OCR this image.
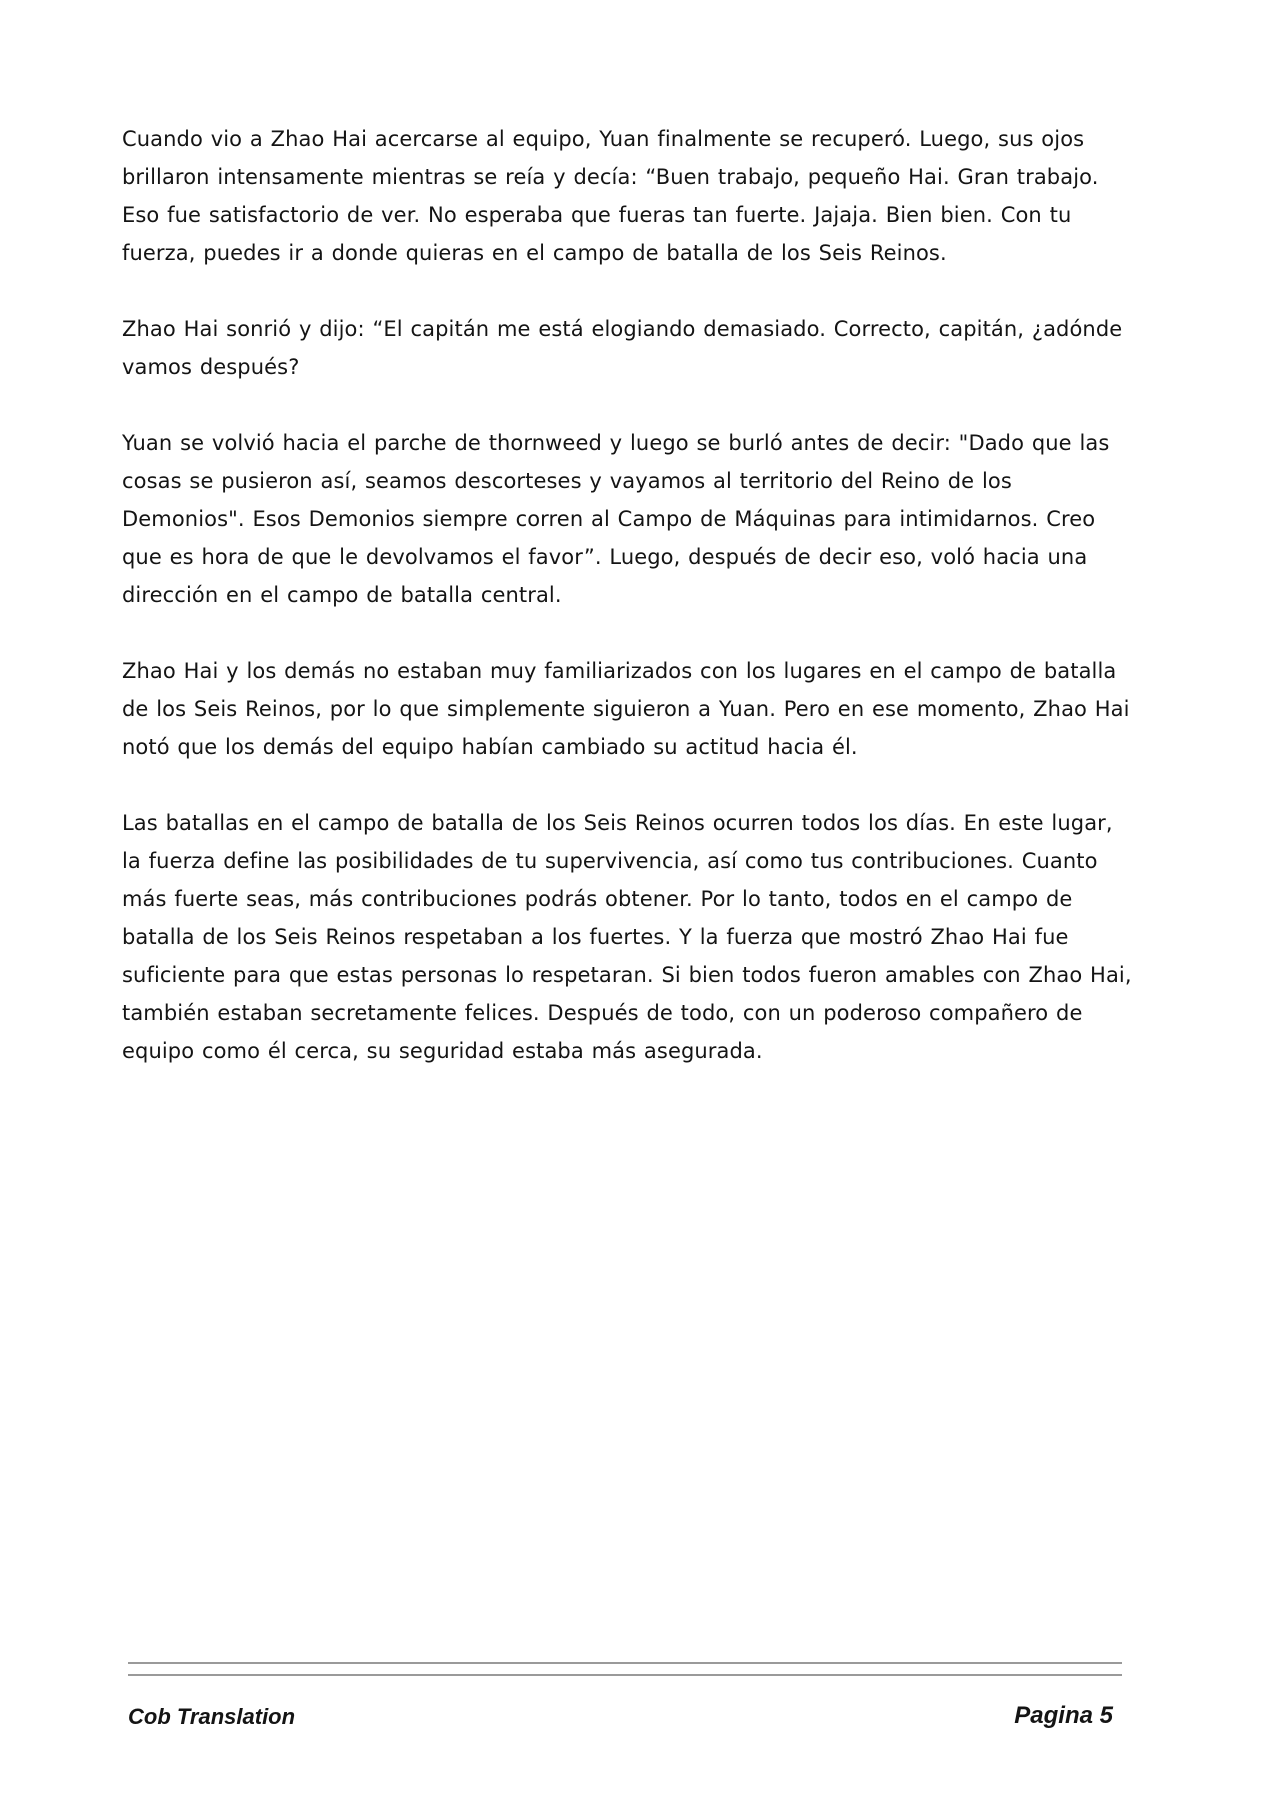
Cuando vio a Zhao Hai acercarse al equipo, Yuan finalmente se recuperó. Luego, sus ojos brillaron intensamente mientras se reía y decía: “Buen trabajo, pequeño Hai. Gran trabajo. Eso fue satisfactorio de ver. No esperaba que fueras tan fuerte. Jajaja. Bien bien. Con tu fuerza, puedes ir a donde quieras en el campo de batalla de los Seis Reinos.

Zhao Hai sonrió y dijo: “El capitán me está elogiando demasiado. Correcto, capitán, ¿adónde vamos después?

Yuan se volvió hacia el parche de thornweed y luego se burló antes de decir: "Dado que las cosas se pusieron así, seamos descorteses y vayamos al territorio del Reino de los Demonios". Esos Demonios siempre corren al Campo de Máquinas para intimidarnos. Creo que es hora de que le devolvamos el favor”. Luego, después de decir eso, voló hacia una dirección en el campo de batalla central.

Zhao Hai y los demás no estaban muy familiarizados con los lugares en el campo de batalla de los Seis Reinos, por lo que simplemente siguieron a Yuan. Pero en ese momento, Zhao Hai notó que los demás del equipo habían cambiado su actitud hacia él.

Las batallas en el campo de batalla de los Seis Reinos ocurren todos los días. En este lugar, la fuerza define las posibilidades de tu supervivencia, así como tus contribuciones. Cuanto más fuerte seas, más contribuciones podrás obtener. Por lo tanto, todos en el campo de batalla de los Seis Reinos respetaban a los fuertes. Y la fuerza que mostró Zhao Hai fue suficiente para que estas personas lo respetaran. Si bien todos fueron amables con Zhao Hai, también estaban secretamente felices. Después de todo, con un poderoso compañero de equipo como él cerca, su seguridad estaba más asegurada.

Cob Translation	Pagina 5
